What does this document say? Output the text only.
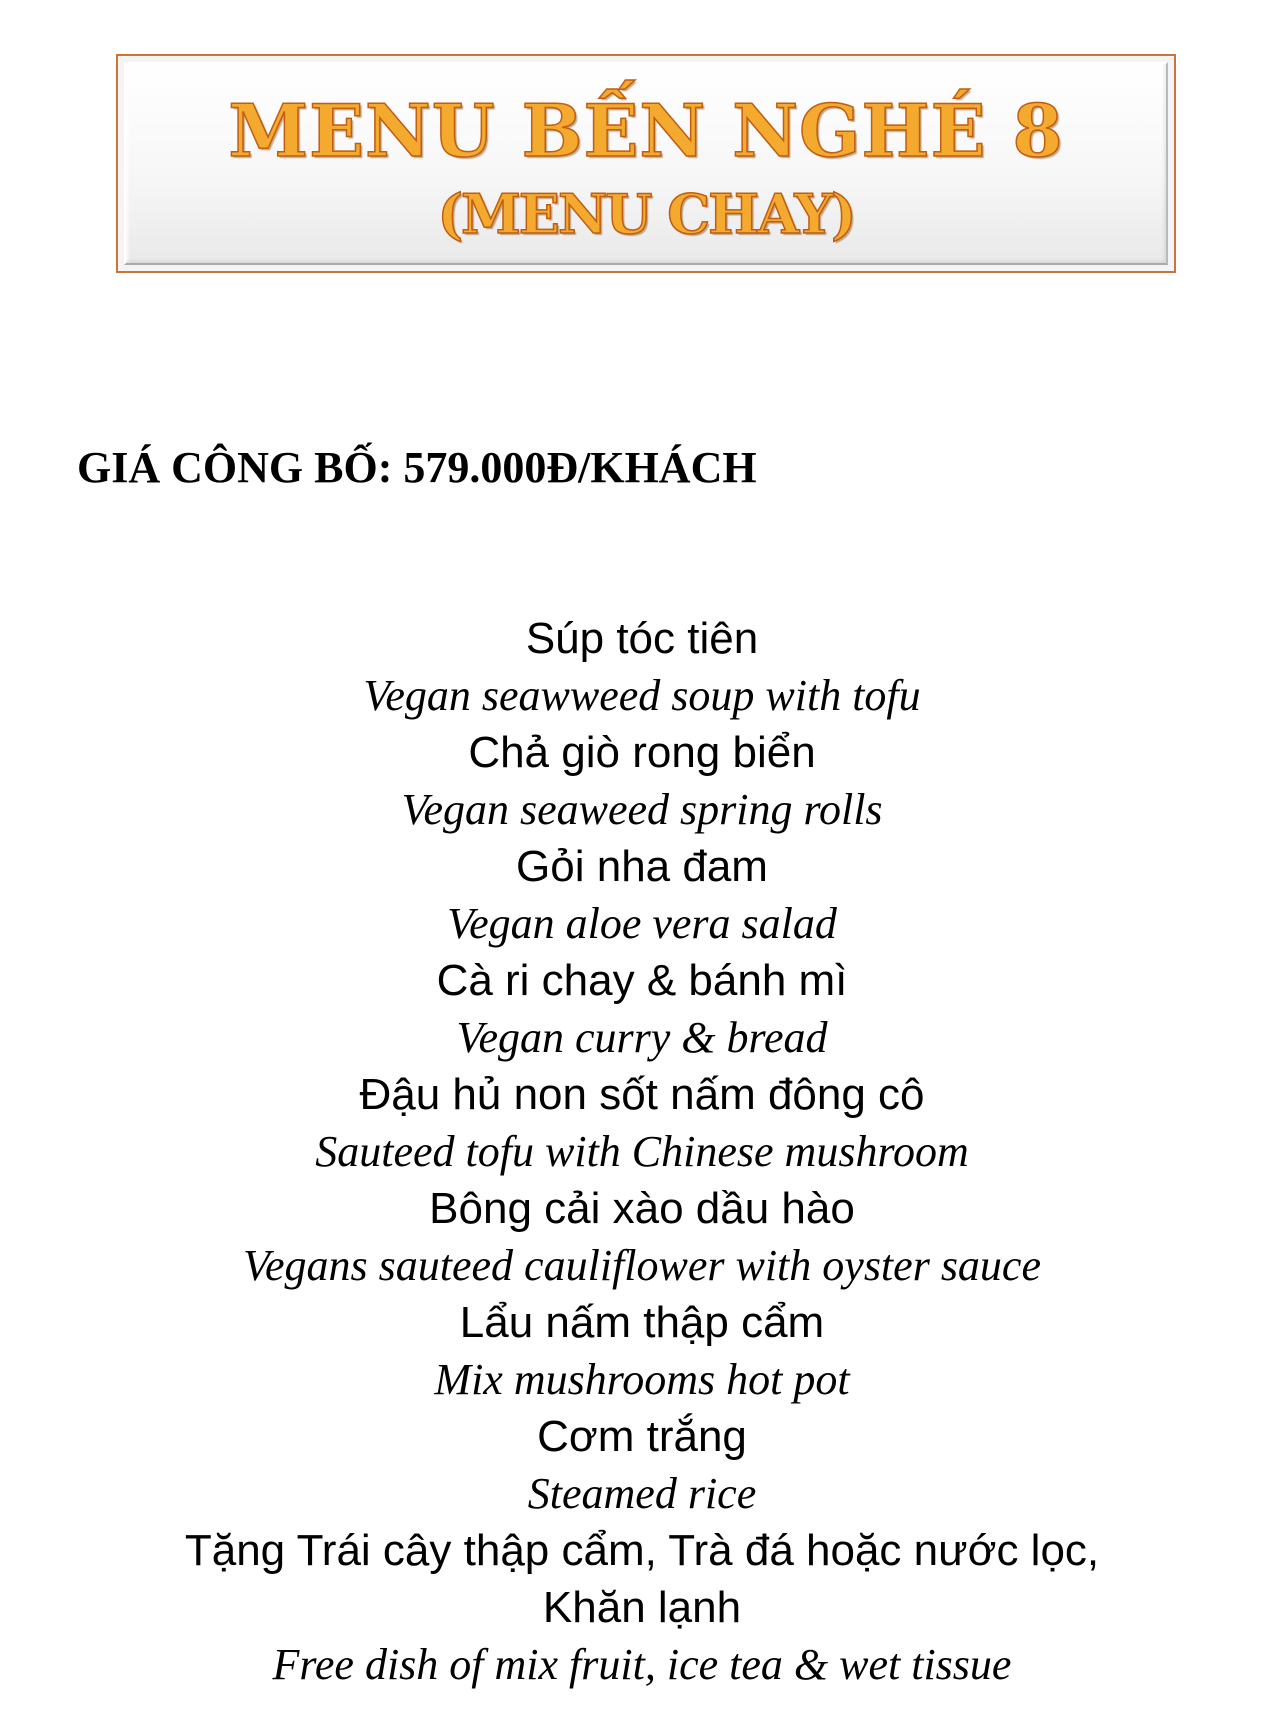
MENU BẾN NGHÉ 8
(MENU CHAY)
GIÁ CÔNG BỐ: 579.000Đ/KHÁCH
Súp tóc tiên
Vegan seawweed soup with tofu
Chả giò rong biển
Vegan seaweed spring rolls
Gỏi nha đam
Vegan aloe vera salad
Cà ri chay & bánh mì
Vegan curry & bread
Đậu hủ non sốt nấm đông cô
Sauteed tofu with Chinese mushroom
Bông cải xào dầu hào
Vegans sauteed cauliflower with oyster sauce
Lẩu nấm thập cẩm
Mix mushrooms hot pot
Cơm trắng
Steamed rice
Tặng Trái cây thập cẩm, Trà đá hoặc nước lọc,
Khăn lạnh
Free dish of mix fruit, ice tea & wet tissue
